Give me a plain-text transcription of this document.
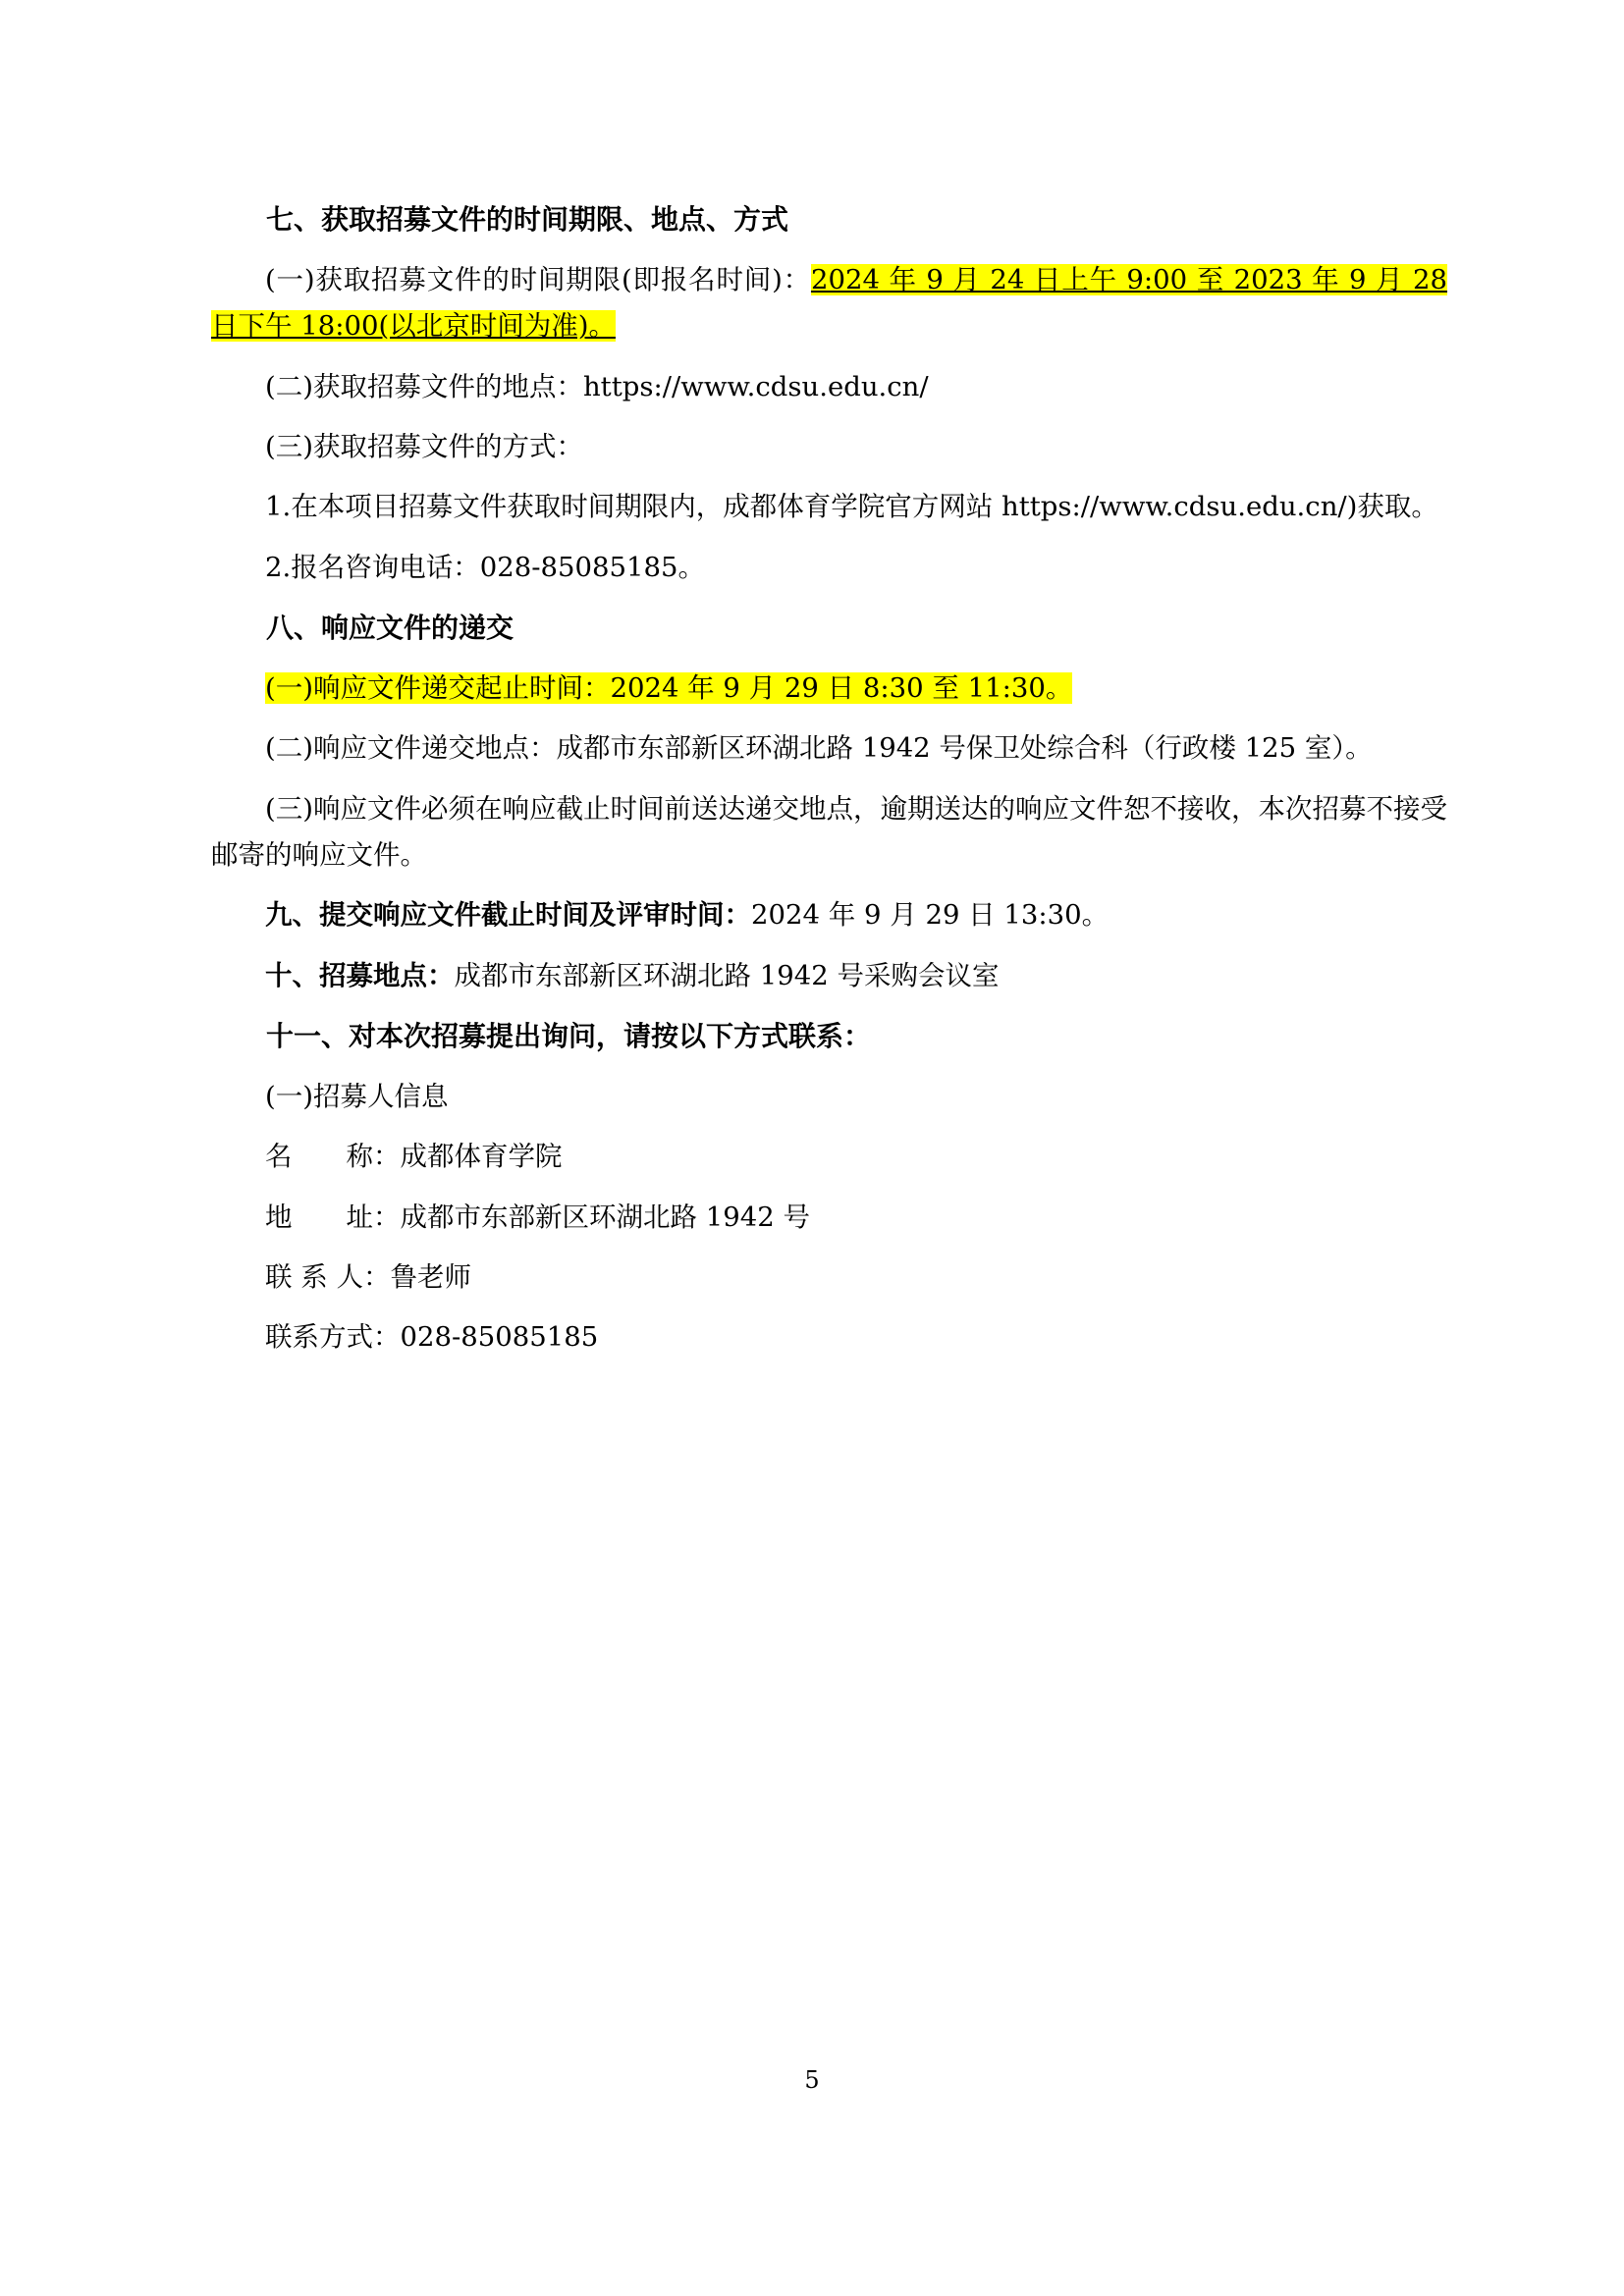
七、获取招募文件的时间期限、地点、方式

(一)获取招募文件的时间期限(即报名时间)：2024 年 9 月 24 日上午 9:00 至 2023 年 9 月 28 日下午 18:00(以北京时间为准)。

(二)获取招募文件的地点：https://www.cdsu.edu.cn/

(三)获取招募文件的方式：

1.在本项目招募文件获取时间期限内，成都体育学院官方网站 https://www.cdsu.edu.cn/)获取。

2.报名咨询电话：028-85085185。

八、响应文件的递交

(一)响应文件递交起止时间：2024 年 9 月 29 日 8:30 至 11:30。

(二)响应文件递交地点：成都市东部新区环湖北路 1942 号保卫处综合科（行政楼 125 室）。

(三)响应文件必须在响应截止时间前送达递交地点，逾期送达的响应文件恕不接收，本次招募不接受邮寄的响应文件。

九、提交响应文件截止时间及评审时间：2024 年 9 月 29 日 13:30。

十、招募地点：成都市东部新区环湖北路 1942 号采购会议室

十一、对本次招募提出询问，请按以下方式联系：

(一)招募人信息

名　　称：成都体育学院

地　　址：成都市东部新区环湖北路 1942 号

联 系 人：鲁老师

联系方式：028-85085185

5
